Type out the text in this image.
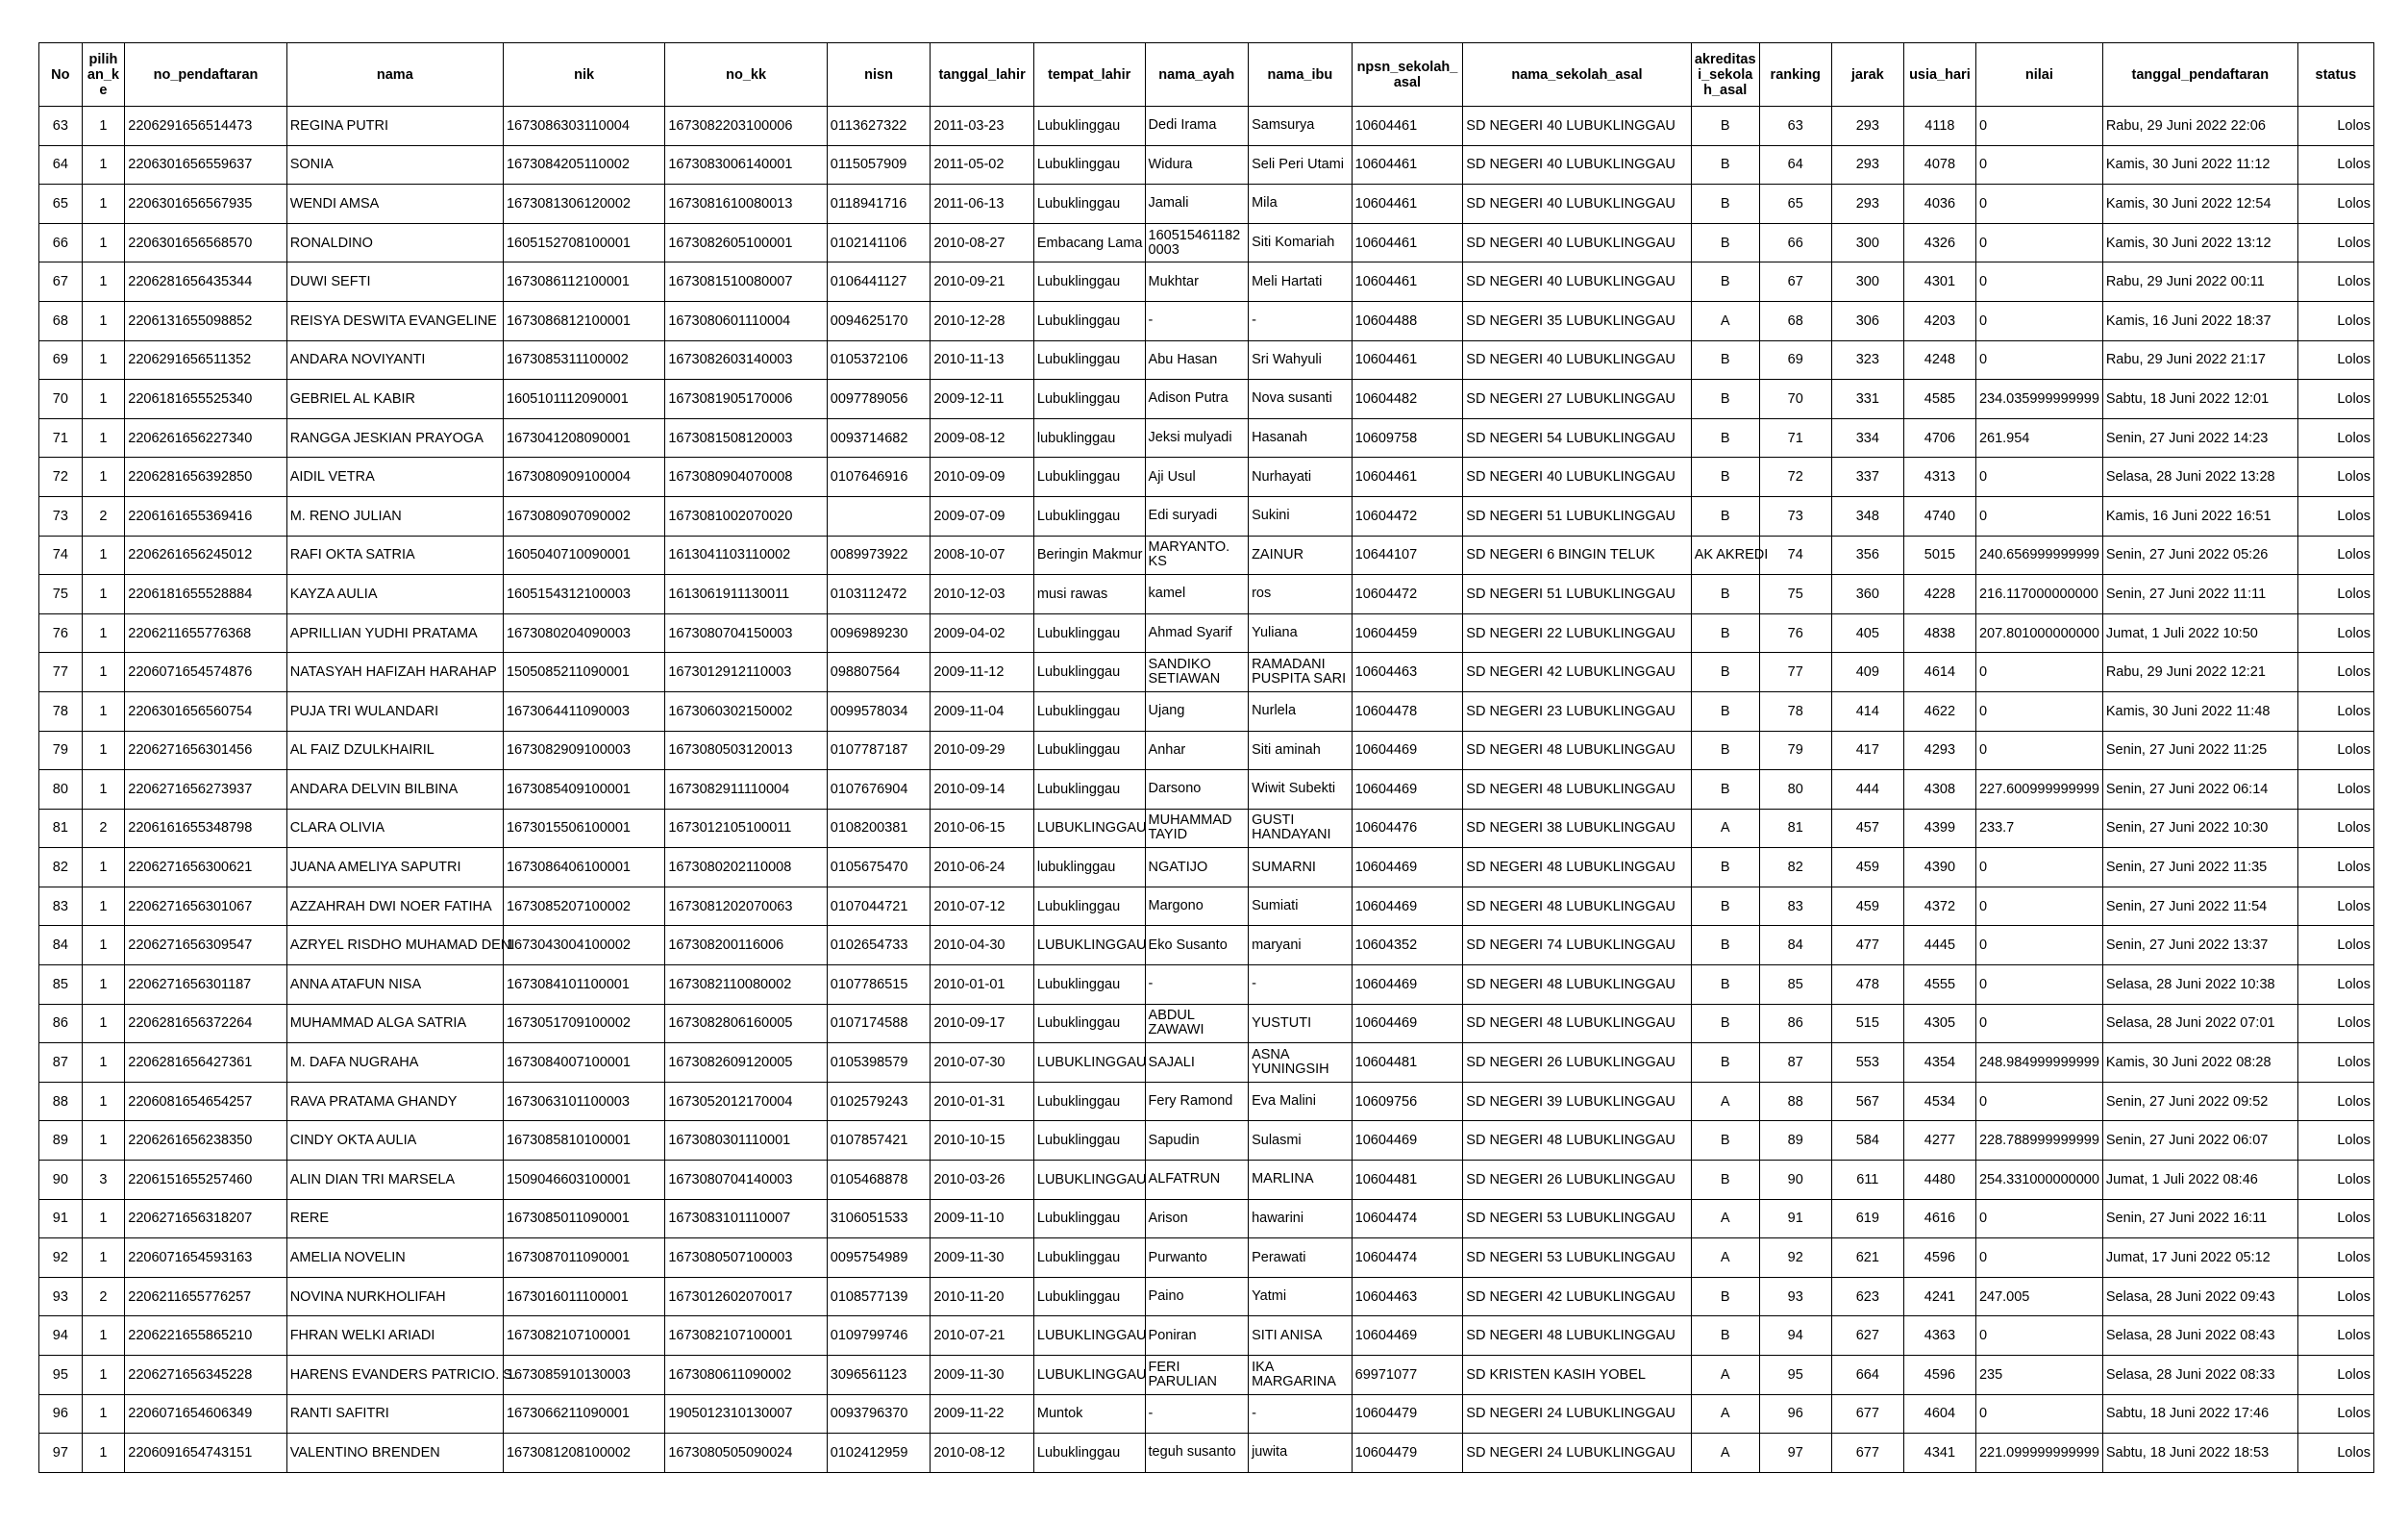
No	pilihan_ke	no_pendaftaran	nama	nik	no_kk	nisn	tanggal_lahir	tempat_lahir	nama_ayah	nama_ibu	npsn_sekolah_asal	nama_sekolah_asal	akreditasi_sekolah_asal	ranking	jarak	usia_hari	nilai	tanggal_pendaftaran	status
63	1	2206291656514473	REGINA PUTRI	1673086303110004	1673082203100006	0113627322	2011-03-23	Lubuklinggau	Dedi Irama	Samsurya	10604461	SD NEGERI 40 LUBUKLINGGAU	B	63	293	4118	0	Rabu, 29 Juni 2022 22:06	Lolos
64	1	2206301656559637	SONIA	1673084205110002	1673083006140001	0115057909	2011-05-02	Lubuklinggau	Widura	Seli Peri Utami	10604461	SD NEGERI 40 LUBUKLINGGAU	B	64	293	4078	0	Kamis, 30 Juni 2022 11:12	Lolos
65	1	2206301656567935	WENDI AMSA	1673081306120002	1673081610080013	0118941716	2011-06-13	Lubuklinggau	Jamali	Mila	10604461	SD NEGERI 40 LUBUKLINGGAU	B	65	293	4036	0	Kamis, 30 Juni 2022 12:54	Lolos
66	1	2206301656568570	RONALDINO	1605152708100001	1673082605100001	0102141106	2010-08-27	Embacang Lama	1605154611820003	Siti Komariah	10604461	SD NEGERI 40 LUBUKLINGGAU	B	66	300	4326	0	Kamis, 30 Juni 2022 13:12	Lolos
67	1	2206281656435344	DUWI SEFTI	1673086112100001	1673081510080007	0106441127	2010-09-21	Lubuklinggau	Mukhtar	Meli Hartati	10604461	SD NEGERI 40 LUBUKLINGGAU	B	67	300	4301	0	Rabu, 29 Juni 2022 00:11	Lolos
68	1	2206131655098852	REISYA DESWITA EVANGELINE	1673086812100001	1673080601110004	0094625170	2010-12-28	Lubuklinggau	-	-	10604488	SD NEGERI 35 LUBUKLINGGAU	A	68	306	4203	0	Kamis, 16 Juni 2022 18:37	Lolos
69	1	2206291656511352	ANDARA NOVIYANTI	1673085311100002	1673082603140003	0105372106	2010-11-13	Lubuklinggau	Abu Hasan	Sri Wahyuli	10604461	SD NEGERI 40 LUBUKLINGGAU	B	69	323	4248	0	Rabu, 29 Juni 2022 21:17	Lolos
70	1	2206181655525340	GEBRIEL AL KABIR	1605101112090001	1673081905170006	0097789056	2009-12-11	Lubuklinggau	Adison Putra	Nova susanti	10604482	SD NEGERI 27 LUBUKLINGGAU	B	70	331	4585	234.035999999999	Sabtu, 18 Juni 2022 12:01	Lolos
71	1	2206261656227340	RANGGA JESKIAN PRAYOGA	1673041208090001	1673081508120003	0093714682	2009-08-12	lubuklinggau	Jeksi mulyadi	Hasanah	10609758	SD NEGERI 54 LUBUKLINGGAU	B	71	334	4706	261.954	Senin, 27 Juni 2022 14:23	Lolos
72	1	2206281656392850	AIDIL VETRA	1673080909100004	1673080904070008	0107646916	2010-09-09	Lubuklinggau	Aji Usul	Nurhayati	10604461	SD NEGERI 40 LUBUKLINGGAU	B	72	337	4313	0	Selasa, 28 Juni 2022 13:28	Lolos
73	2	2206161655369416	M. RENO JULIAN	1673080907090002	1673081002070020		2009-07-09	Lubuklinggau	Edi suryadi	Sukini	10604472	SD NEGERI 51 LUBUKLINGGAU	B	73	348	4740	0	Kamis, 16 Juni 2022 16:51	Lolos
74	1	2206261656245012	RAFI OKTA SATRIA	1605040710090001	1613041103110002	0089973922	2008-10-07	Beringin Makmur	MARYANTO. KS	ZAINUR	10644107	SD NEGERI 6 BINGIN TELUK	AK AKREDI	74	356	5015	240.656999999999	Senin, 27 Juni 2022 05:26	Lolos
75	1	2206181655528884	KAYZA AULIA	1605154312100003	1613061911130011	0103112472	2010-12-03	musi rawas	kamel	ros	10604472	SD NEGERI 51 LUBUKLINGGAU	B	75	360	4228	216.117000000000	Senin, 27 Juni 2022 11:11	Lolos
76	1	2206211655776368	APRILLIAN YUDHI PRATAMA	1673080204090003	1673080704150003	0096989230	2009-04-02	Lubuklinggau	Ahmad Syarif	Yuliana	10604459	SD NEGERI 22 LUBUKLINGGAU	B	76	405	4838	207.801000000000	Jumat, 1 Juli 2022 10:50	Lolos
77	1	2206071654574876	NATASYAH HAFIZAH HARAHAP	1505085211090001	1673012912110003	098807564	2009-11-12	Lubuklinggau	SANDIKO SETIAWAN	RAMADANI PUSPITA SARI	10604463	SD NEGERI 42 LUBUKLINGGAU	B	77	409	4614	0	Rabu, 29 Juni 2022 12:21	Lolos
78	1	2206301656560754	PUJA TRI WULANDARI	1673064411090003	1673060302150002	0099578034	2009-11-04	Lubuklinggau	Ujang	Nurlela	10604478	SD NEGERI 23 LUBUKLINGGAU	B	78	414	4622	0	Kamis, 30 Juni 2022 11:48	Lolos
79	1	2206271656301456	AL FAIZ DZULKHAIRIL	1673082909100003	1673080503120013	0107787187	2010-09-29	Lubuklinggau	Anhar	Siti aminah	10604469	SD NEGERI 48 LUBUKLINGGAU	B	79	417	4293	0	Senin, 27 Juni 2022 11:25	Lolos
80	1	2206271656273937	ANDARA DELVIN BILBINA	1673085409100001	1673082911110004	0107676904	2010-09-14	Lubuklinggau	Darsono	Wiwit Subekti	10604469	SD NEGERI 48 LUBUKLINGGAU	B	80	444	4308	227.600999999999	Senin, 27 Juni 2022 06:14	Lolos
81	2	2206161655348798	CLARA OLIVIA	1673015506100001	1673012105100011	0108200381	2010-06-15	LUBUKLINGGAU	MUHAMMAD TAYID	GUSTI HANDAYANI	10604476	SD NEGERI 38 LUBUKLINGGAU	A	81	457	4399	233.7	Senin, 27 Juni 2022 10:30	Lolos
82	1	2206271656300621	JUANA AMELIYA SAPUTRI	1673086406100001	1673080202110008	0105675470	2010-06-24	lubuklinggau	NGATIJO	SUMARNI	10604469	SD NEGERI 48 LUBUKLINGGAU	B	82	459	4390	0	Senin, 27 Juni 2022 11:35	Lolos
83	1	2206271656301067	AZZAHRAH DWI NOER FATIHA	1673085207100002	1673081202070063	0107044721	2010-07-12	Lubuklinggau	Margono	Sumiati	10604469	SD NEGERI 48 LUBUKLINGGAU	B	83	459	4372	0	Senin, 27 Juni 2022 11:54	Lolos
84	1	2206271656309547	AZRYEL RISDHO MUHAMAD DENI	1673043004100002	167308200116006	0102654733	2010-04-30	LUBUKLINGGAU	Eko Susanto	maryani	10604352	SD NEGERI 74 LUBUKLINGGAU	B	84	477	4445	0	Senin, 27 Juni 2022 13:37	Lolos
85	1	2206271656301187	ANNA ATAFUN NISA	1673084101100001	1673082110080002	0107786515	2010-01-01	Lubuklinggau	-	-	10604469	SD NEGERI 48 LUBUKLINGGAU	B	85	478	4555	0	Selasa, 28 Juni 2022 10:38	Lolos
86	1	2206281656372264	MUHAMMAD ALGA SATRIA	1673051709100002	1673082806160005	0107174588	2010-09-17	Lubuklinggau	ABDUL ZAWAWI	YUSTUTI	10604469	SD NEGERI 48 LUBUKLINGGAU	B	86	515	4305	0	Selasa, 28 Juni 2022 07:01	Lolos
87	1	2206281656427361	M. DAFA NUGRAHA	1673084007100001	1673082609120005	0105398579	2010-07-30	LUBUKLINGGAU	SAJALI	ASNA YUNINGSIH	10604481	SD NEGERI 26 LUBUKLINGGAU	B	87	553	4354	248.984999999999	Kamis, 30 Juni 2022 08:28	Lolos
88	1	2206081654654257	RAVA PRATAMA GHANDY	1673063101100003	1673052012170004	0102579243	2010-01-31	Lubuklinggau	Fery Ramond	Eva Malini	10609756	SD NEGERI 39 LUBUKLINGGAU	A	88	567	4534	0	Senin, 27 Juni 2022 09:52	Lolos
89	1	2206261656238350	CINDY OKTA AULIA	1673085810100001	1673080301110001	0107857421	2010-10-15	Lubuklinggau	Sapudin	Sulasmi	10604469	SD NEGERI 48 LUBUKLINGGAU	B	89	584	4277	228.788999999999	Senin, 27 Juni 2022 06:07	Lolos
90	3	2206151655257460	ALIN DIAN TRI MARSELA	1509046603100001	1673080704140003	0105468878	2010-03-26	LUBUKLINGGAU	ALFATRUN	MARLINA	10604481	SD NEGERI 26 LUBUKLINGGAU	B	90	611	4480	254.331000000000	Jumat, 1 Juli 2022 08:46	Lolos
91	1	2206271656318207	RERE	1673085011090001	1673083101110007	3106051533	2009-11-10	Lubuklinggau	Arison	hawarini	10604474	SD NEGERI 53 LUBUKLINGGAU	A	91	619	4616	0	Senin, 27 Juni 2022 16:11	Lolos
92	1	2206071654593163	AMELIA NOVELIN	1673087011090001	1673080507100003	0095754989	2009-11-30	Lubuklinggau	Purwanto	Perawati	10604474	SD NEGERI 53 LUBUKLINGGAU	A	92	621	4596	0	Jumat, 17 Juni 2022 05:12	Lolos
93	2	2206211655776257	NOVINA NURKHOLIFAH	1673016011100001	1673012602070017	0108577139	2010-11-20	Lubuklinggau	Paino	Yatmi	10604463	SD NEGERI 42 LUBUKLINGGAU	B	93	623	4241	247.005	Selasa, 28 Juni 2022 09:43	Lolos
94	1	2206221655865210	FHRAN WELKI ARIADI	1673082107100001	1673082107100001	0109799746	2010-07-21	LUBUKLINGGAU	Poniran	SITI ANISA	10604469	SD NEGERI 48 LUBUKLINGGAU	B	94	627	4363	0	Selasa, 28 Juni 2022 08:43	Lolos
95	1	2206271656345228	HARENS EVANDERS PATRICIO. S.	1673085910130003	1673080611090002	3096561123	2009-11-30	LUBUKLINGGAU	FERI PARULIAN	IKA MARGARINA	69971077	SD KRISTEN KASIH YOBEL	A	95	664	4596	235	Selasa, 28 Juni 2022 08:33	Lolos
96	1	2206071654606349	RANTI SAFITRI	1673066211090001	1905012310130007	0093796370	2009-11-22	Muntok	-	-	10604479	SD NEGERI 24 LUBUKLINGGAU	A	96	677	4604	0	Sabtu, 18 Juni 2022 17:46	Lolos
97	1	2206091654743151	VALENTINO BRENDEN	1673081208100002	1673080505090024	0102412959	2010-08-12	Lubuklinggau	teguh susanto	juwita	10604479	SD NEGERI 24 LUBUKLINGGAU	A	97	677	4341	221.099999999999	Sabtu, 18 Juni 2022 18:53	Lolos
